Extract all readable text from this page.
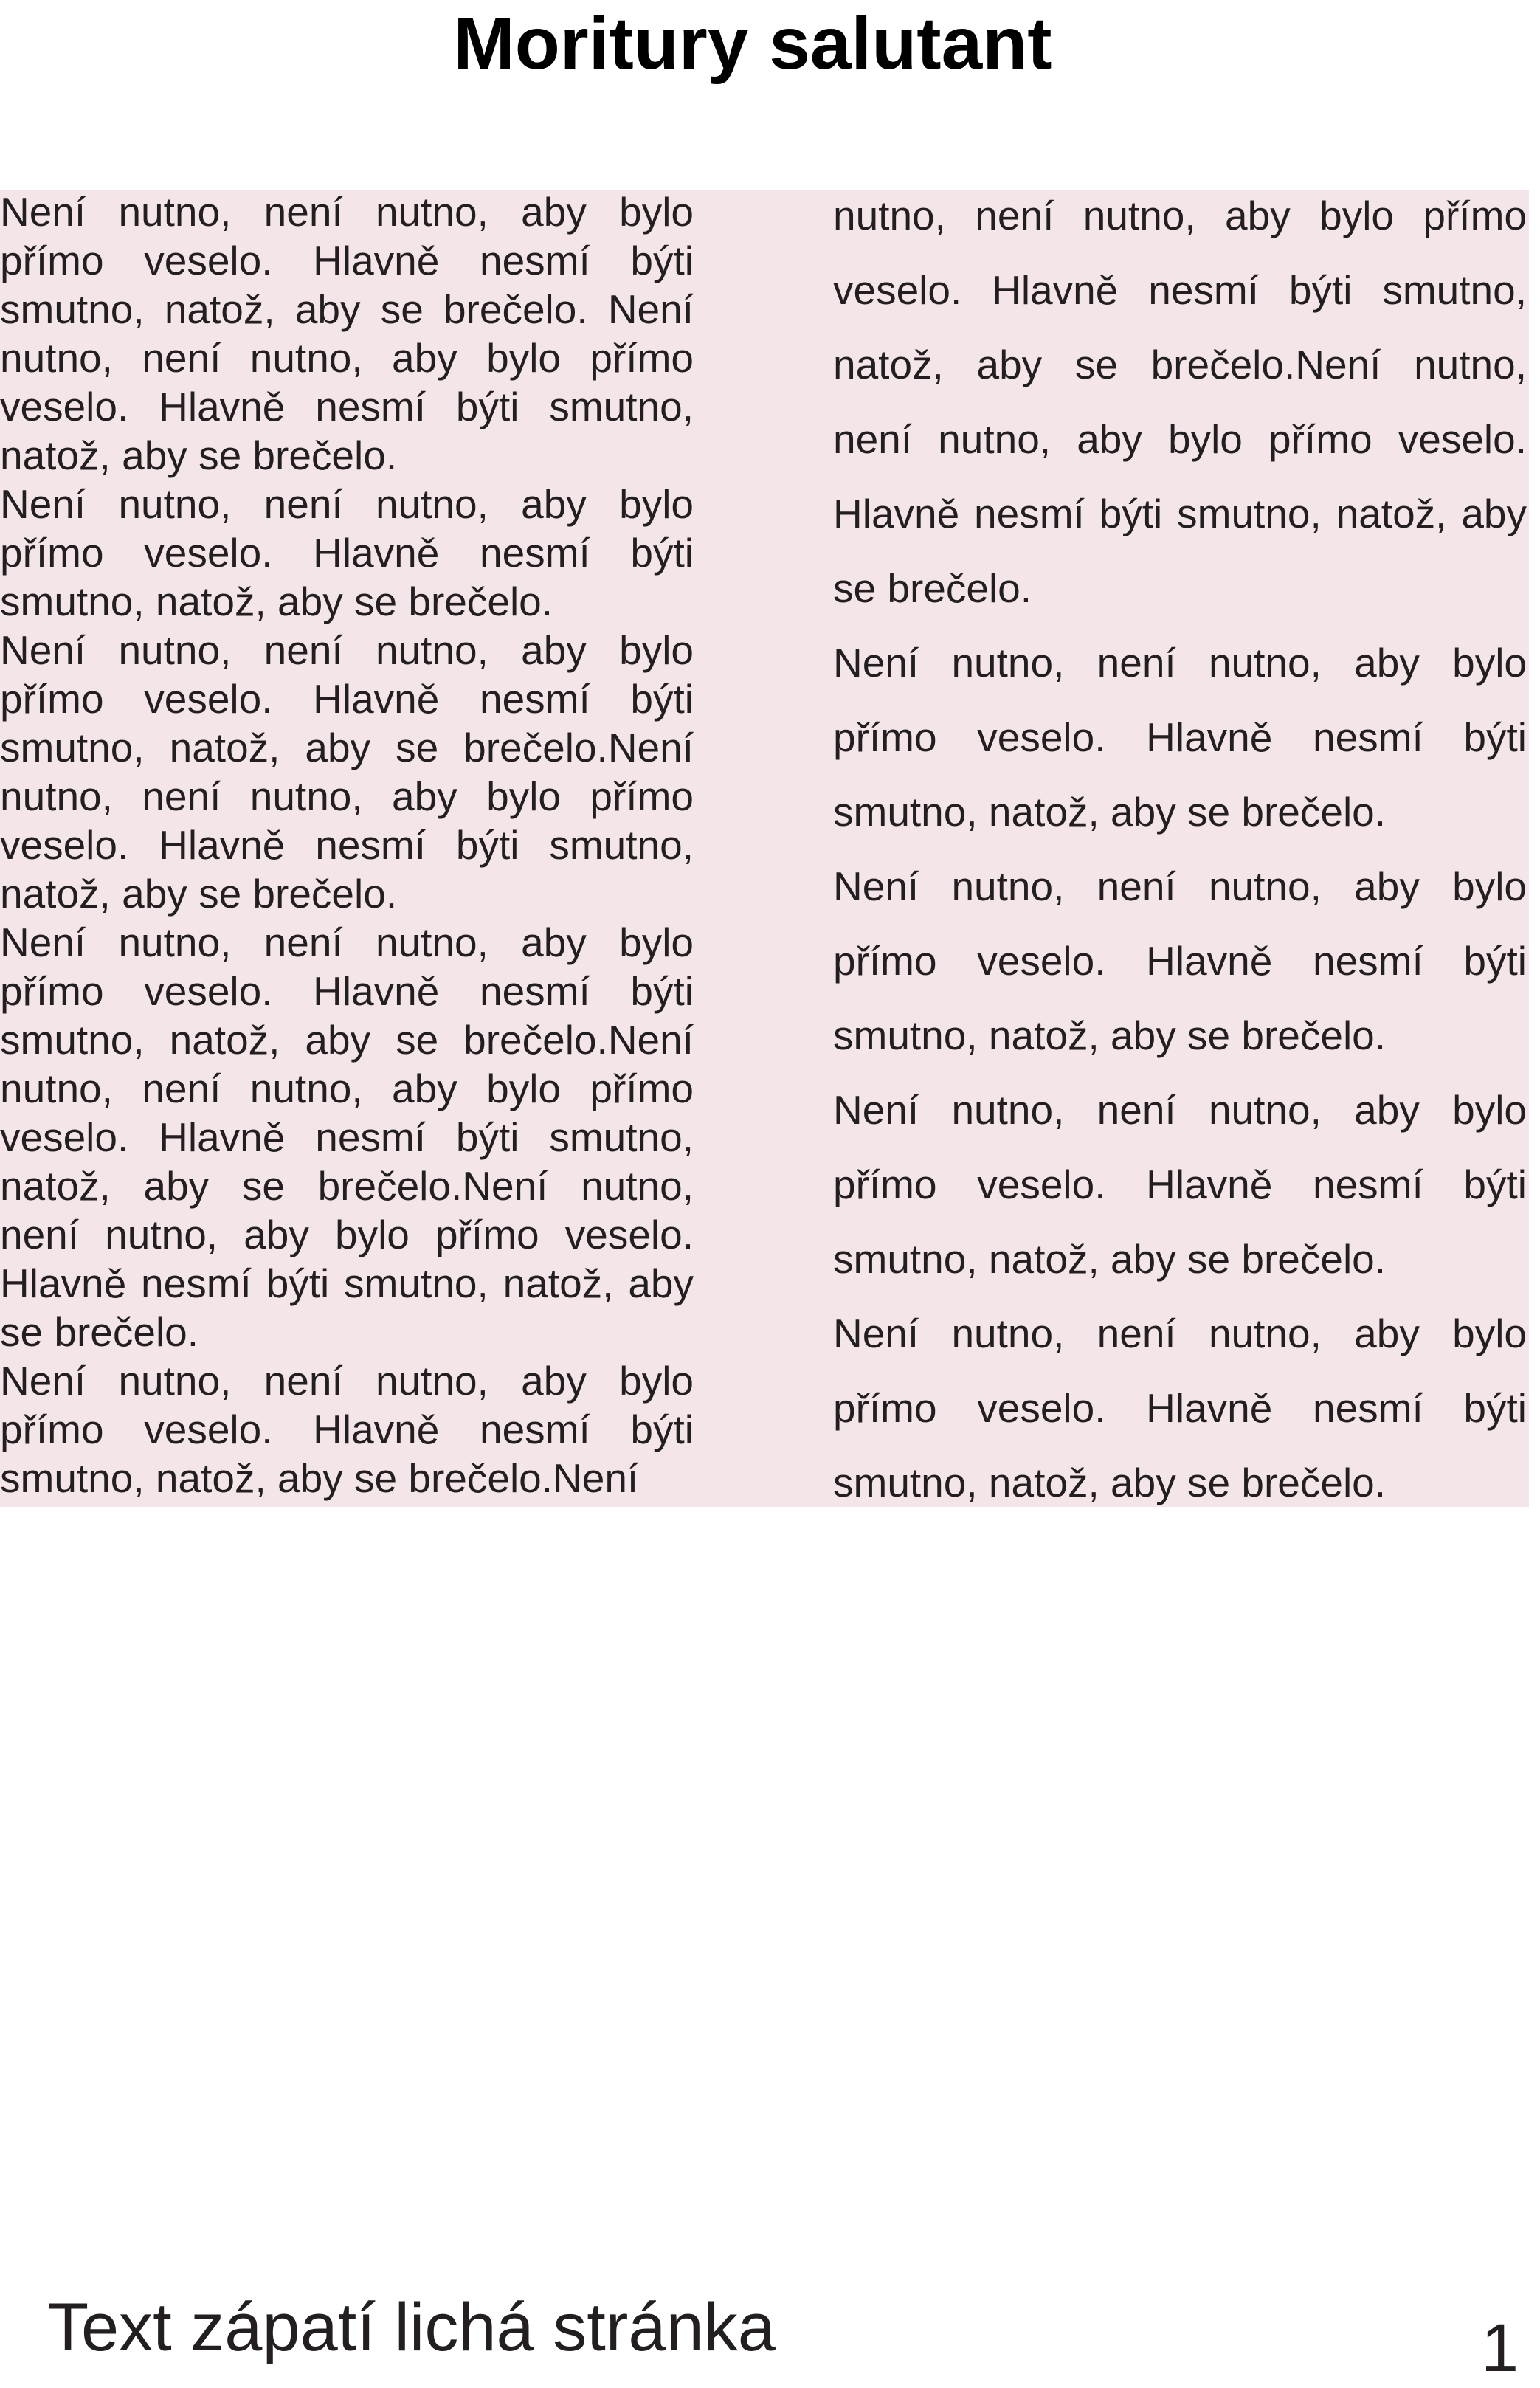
Moritury salutant

Není nutno, není nutno, aby bylo přímo veselo. Hlavně nesmí býti smutno, natož, aby se brečelo. Není nutno, není nutno, aby bylo přímo veselo. Hlavně nesmí býti smutno, natož, aby se brečelo.

Není nutno, není nutno, aby bylo přímo veselo. Hlavně nesmí býti smutno, natož, aby se brečelo.

Není nutno, není nutno, aby bylo přímo veselo. Hlavně nesmí býti smutno, natož, aby se brečelo.Není nutno, není nutno, aby bylo přímo veselo. Hlavně nesmí býti smutno, natož, aby se brečelo.

Není nutno, není nutno, aby bylo přímo veselo. Hlavně nesmí býti smutno, natož, aby se brečelo.Není nutno, není nutno, aby bylo přímo veselo. Hlavně nesmí býti smutno, natož, aby se brečelo.Není nutno, není nutno, aby bylo přímo veselo. Hlavně nesmí býti smutno, natož, aby se brečelo.

Není nutno, není nutno, aby bylo přímo veselo. Hlavně nesmí býti smutno, natož, aby se brečelo.Není

nutno, není nutno, aby bylo přímo veselo. Hlavně nesmí býti smutno, natož, aby se brečelo.Není nutno, není nutno, aby bylo přímo veselo. Hlavně nesmí býti smutno, natož, aby se brečelo.

Není nutno, není nutno, aby bylo přímo veselo. Hlavně nesmí býti smutno, natož, aby se brečelo.

Není nutno, není nutno, aby bylo přímo veselo. Hlavně nesmí býti smutno, natož, aby se brečelo.

Není nutno, není nutno, aby bylo přímo veselo. Hlavně nesmí býti smutno, natož, aby se brečelo.

Není nutno, není nutno, aby bylo přímo veselo. Hlavně nesmí býti smutno, natož, aby se brečelo.

Text zápatí lichá stránka	1
